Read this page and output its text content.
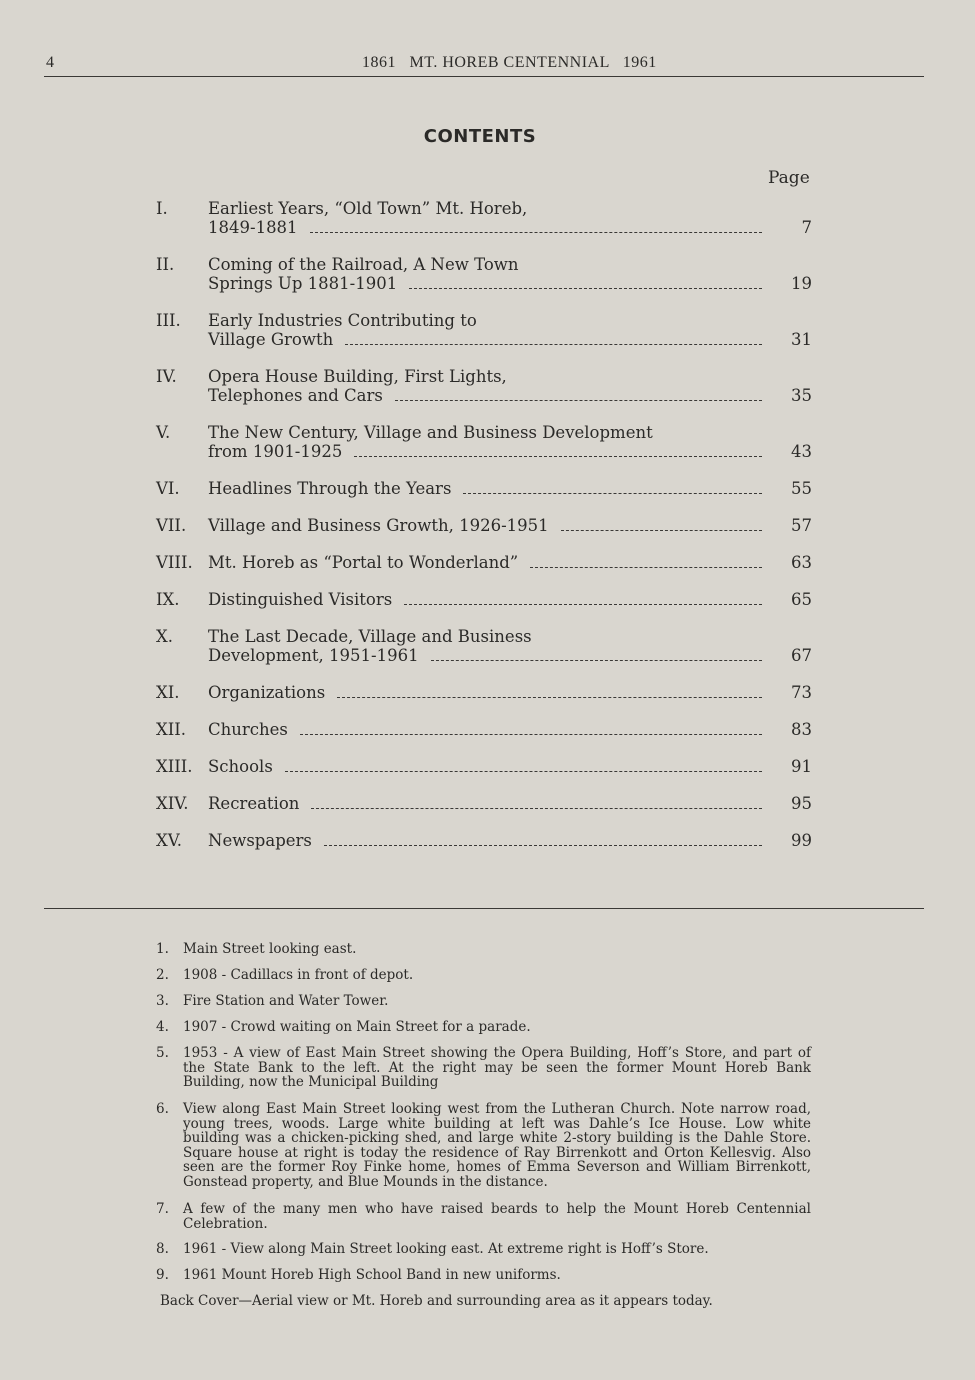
4	1861   MT. HOREB CENTENNIAL   1961
CONTENTS
Page
I. Earliest Years, “Old Town” Mt. Horeb,
1849-1881	7
II. Coming of the Railroad, A New Town
Springs Up 1881-1901	19
III. Early Industries Contributing to
Village Growth	31
IV. Opera House Building, First Lights,
Telephones and Cars	35
V. The New Century, Village and Business Development
from 1901-1925	43
VI. Headlines Through the Years	55
VII. Village and Business Growth, 1926-1951	57
VIII. Mt. Horeb as “Portal to Wonderland”	63
IX. Distinguished Visitors	65
X. The Last Decade, Village and Business
Development, 1951-1961	67
XI. Organizations	73
XII. Churches	83
XIII. Schools	91
XIV. Recreation	95
XV. Newspapers	99
1. Main Street looking east.
2. 1908 - Cadillacs in front of depot.
3. Fire Station and Water Tower.
4. 1907 - Crowd waiting on Main Street for a parade.
5. 1953 - A view of East Main Street showing the Opera Building, Hoff’s Store, and part of the State Bank to the left. At the right may be seen the former Mount Horeb Bank Building, now the Municipal Building
6. View along East Main Street looking west from the Lutheran Church. Note narrow road, young trees, woods. Large white building at left was Dahle’s Ice House. Low white building was a chicken-picking shed, and large white 2-story building is the Dahle Store. Square house at right is today the residence of Ray Birrenkott and Orton Kellesvig. Also seen are the former Roy Finke home, homes of Emma Severson and William Birrenkott, Gonstead property, and Blue Mounds in the distance.
7. A few of the many men who have raised beards to help the Mount Horeb Centennial Celebration.
8. 1961 - View along Main Street looking east. At extreme right is Hoff’s Store.
9. 1961 Mount Horeb High School Band in new uniforms.
Back Cover—Aerial view or Mt. Horeb and surrounding area as it appears today.
